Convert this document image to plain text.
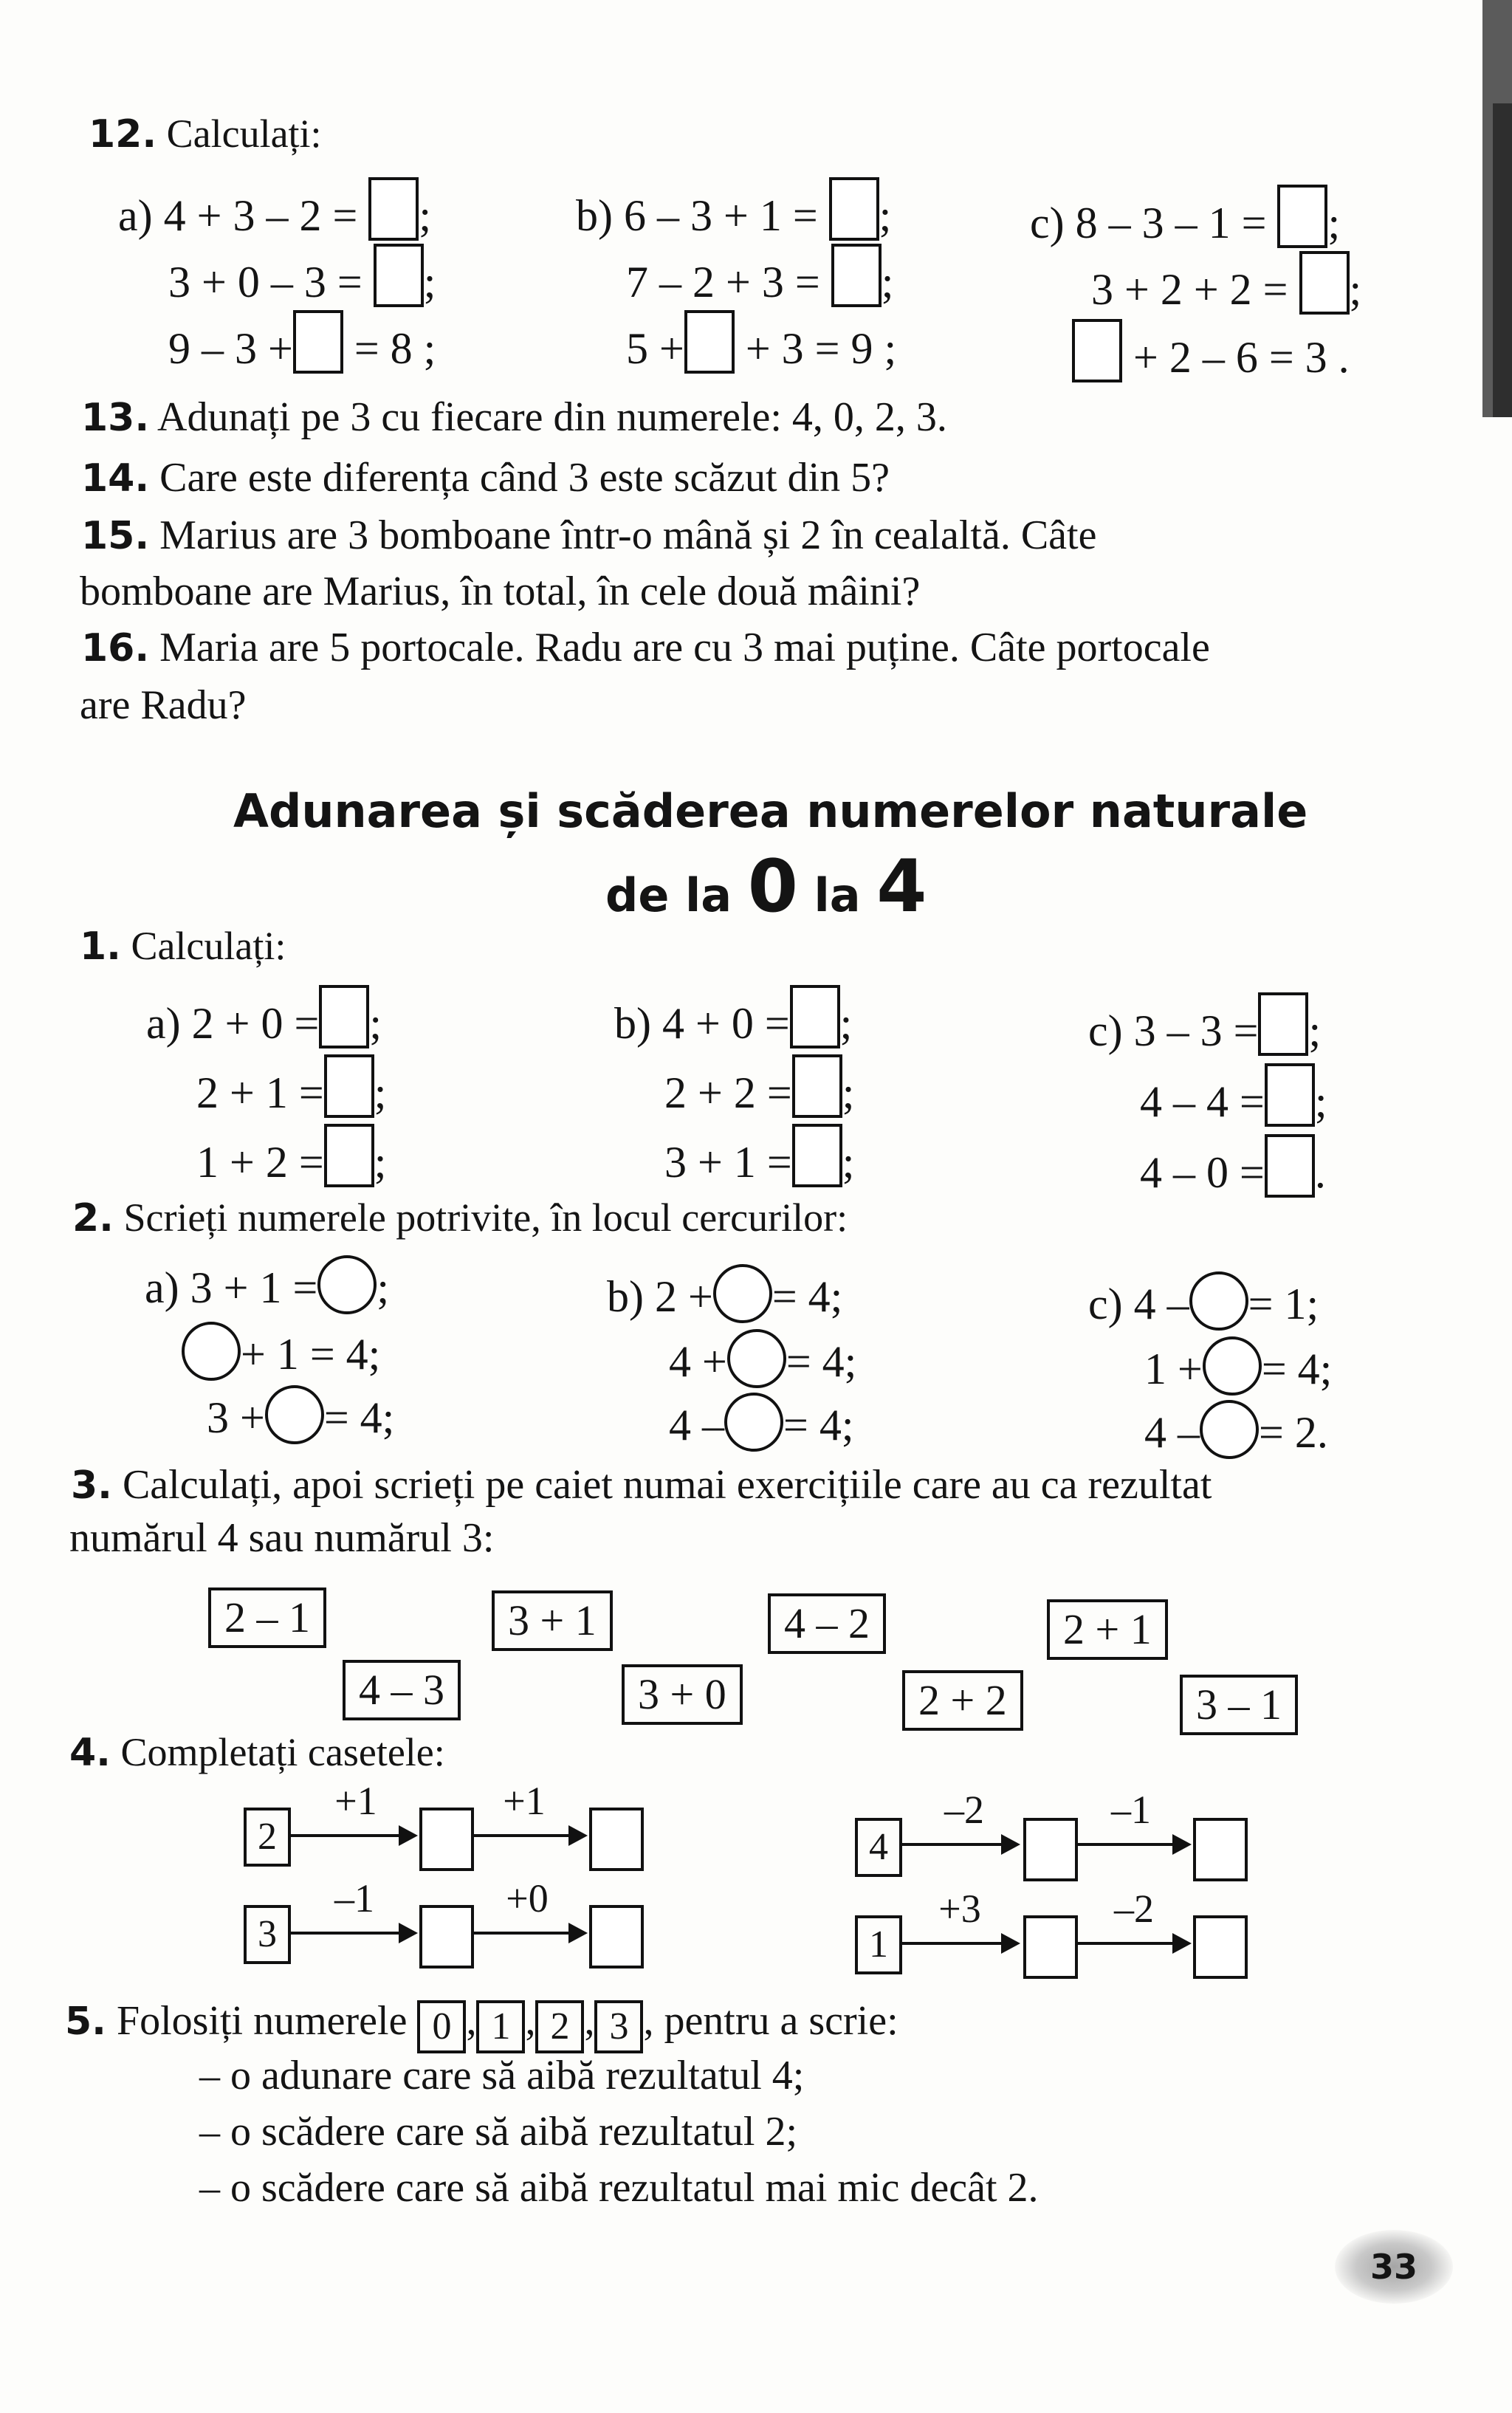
12. Calculați:
a) 4 + 3 – 2 = ;
3 + 0 – 3 = ;
9 – 3 + = 8 ;
b) 6 – 3 + 1 = ;
7 – 2 + 3 = ;
5 + + 3 = 9 ;
c) 8 – 3 – 1 = ;
3 + 2 + 2 = ;
+ 2 – 6 = 3 .
13. Adunați pe 3 cu fiecare din numerele: 4, 0, 2, 3.
14. Care este diferența când 3 este scăzut din 5?
15. Marius are 3 bomboane într-o mână și 2 în cealaltă. Câte
bomboane are Marius, în total, în cele două mâini?
16. Maria are 5 portocale. Radu are cu 3 mai puține. Câte portocale
are Radu?
Adunarea și scăderea numerelor naturale
de la 0 la 4
1. Calculați:
a) 2 + 0 = ;
2 + 1 = ;
1 + 2 = ;
b) 4 + 0 = ;
2 + 2 = ;
3 + 1 = ;
c) 3 – 3 = ;
4 – 4 = ;
4 – 0 = .
2. Scrieți numerele potrivite, în locul cercurilor:
a) 3 + 1 = ;
+ 1 = 4;
3 + = 4;
b) 2 + = 4;
4 + = 4;
4 – = 4;
c) 4 – = 1;
1 + = 4;
4 – = 2.
3. Calculați, apoi scrieți pe caiet numai exercițiile care au ca rezultat
numărul 4 sau numărul 3:
2 – 1	3 + 1	4 – 2	2 + 1
4 – 3	3 + 0	2 + 2	3 – 1
4. Completați casetele:
2
+1	+1
4
–2	–1
3
–1	+0
1
+3	–2
5. Folosiți numerele 0 , 1 , 2 , 3 , pentru a scrie:
– o adunare care să aibă rezultatul 4;
– o scădere care să aibă rezultatul 2;
– o scădere care să aibă rezultatul mai mic decât 2.
33
